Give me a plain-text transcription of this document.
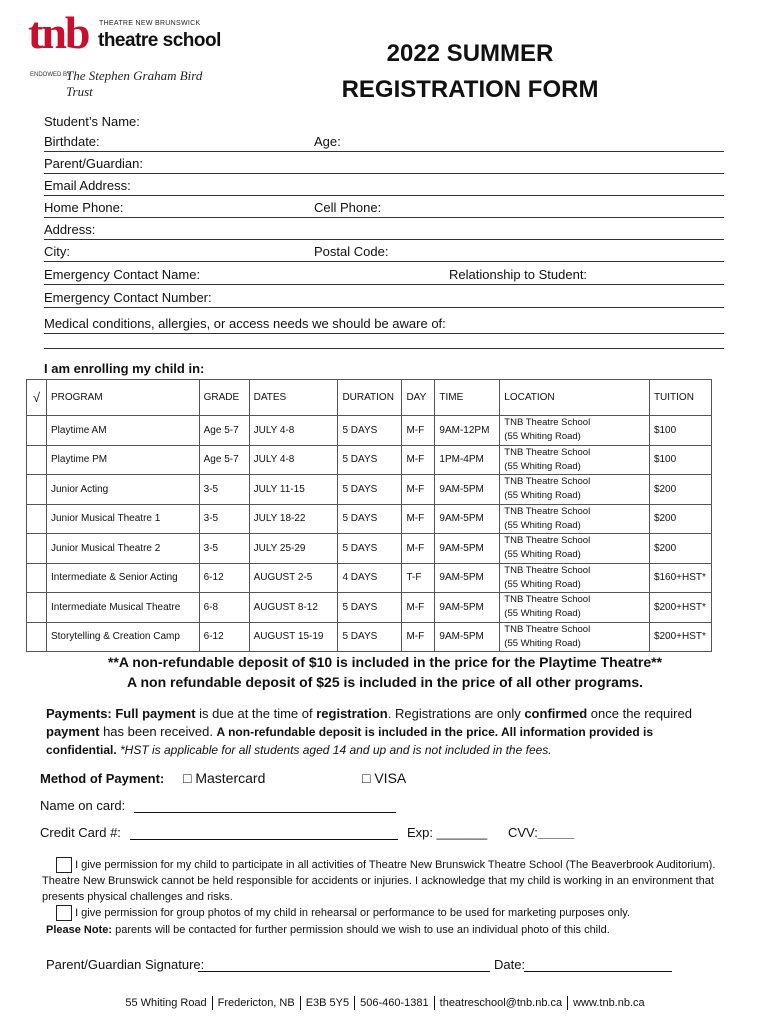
tnb THEATRE NEW BRUNSWICK
theatre school
ENDOWED BY
The Stephen Graham Bird Trust
2022 SUMMER
REGISTRATION FORM
Student’s Name:
Birthdate:	Age:
Parent/Guardian:
Email Address:
Home Phone:	Cell Phone:
Address:
City:	Postal Code:
Emergency Contact Name:	Relationship to Student:
Emergency Contact Number:
Medical conditions, allergies, or access needs we should be aware of:
I am enrolling my child in:
√	PROGRAM	GRADE	DATES	DURATION	DAY	TIME	LOCATION	TUITION
	Playtime AM	Age 5-7	JULY 4-8	5 DAYS	M-F	9AM-12PM	TNB Theatre School
(55 Whiting Road)	$100
	Playtime PM	Age 5-7	JULY 4-8	5 DAYS	M-F	1PM-4PM	TNB Theatre School
(55 Whiting Road)	$100
	Junior Acting	3-5	JULY 11-15	5 DAYS	M-F	9AM-5PM	TNB Theatre School
(55 Whiting Road)	$200
	Junior Musical Theatre 1	3-5	JULY 18-22	5 DAYS	M-F	9AM-5PM	TNB Theatre School
(55 Whiting Road)	$200
	Junior Musical Theatre 2	3-5	JULY 25-29	5 DAYS	M-F	9AM-5PM	TNB Theatre School
(55 Whiting Road)	$200
	Intermediate & Senior Acting	6-12	AUGUST 2-5	4 DAYS	T-F	9AM-5PM	TNB Theatre School
(55 Whiting Road)	$160+HST*
	Intermediate Musical Theatre	6-8	AUGUST 8-12	5 DAYS	M-F	9AM-5PM	TNB Theatre School
(55 Whiting Road)	$200+HST*
	Storytelling & Creation Camp	6-12	AUGUST 15-19	5 DAYS	M-F	9AM-5PM	TNB Theatre School
(55 Whiting Road)	$200+HST*
**A non-refundable deposit of $10 is included in the price for the Playtime Theatre**
A non refundable deposit of $25 is included in the price of all other programs.
Payments: Full payment is due at the time of registration. Registrations are only confirmed once the required payment has been received. A non-refundable deposit is included in the price. All information provided is confidential. *HST is applicable for all students aged 14 and up and is not included in the fees.
Method of Payment: □ Mastercard	□ VISA
Name on card:
Credit Card #:	Exp: _______ CVV:_____
I give permission for my child to participate in all activities of Theatre New Brunswick Theatre School (The Beaverbrook Auditorium). Theatre New Brunswick cannot be held responsible for accidents or injuries. I acknowledge that my child is working in an environment that presents physical challenges and risks.
I give permission for group photos of my child in rehearsal or performance to be used for marketing purposes only.
Please Note: parents will be contacted for further permission should we wish to use an individual photo of this child.
Parent/Guardian Signature:	Date:
55 Whiting Road Fredericton, NB E3B 5Y5 506-460-1381 theatreschool@tnb.nb.ca www.tnb.nb.ca
